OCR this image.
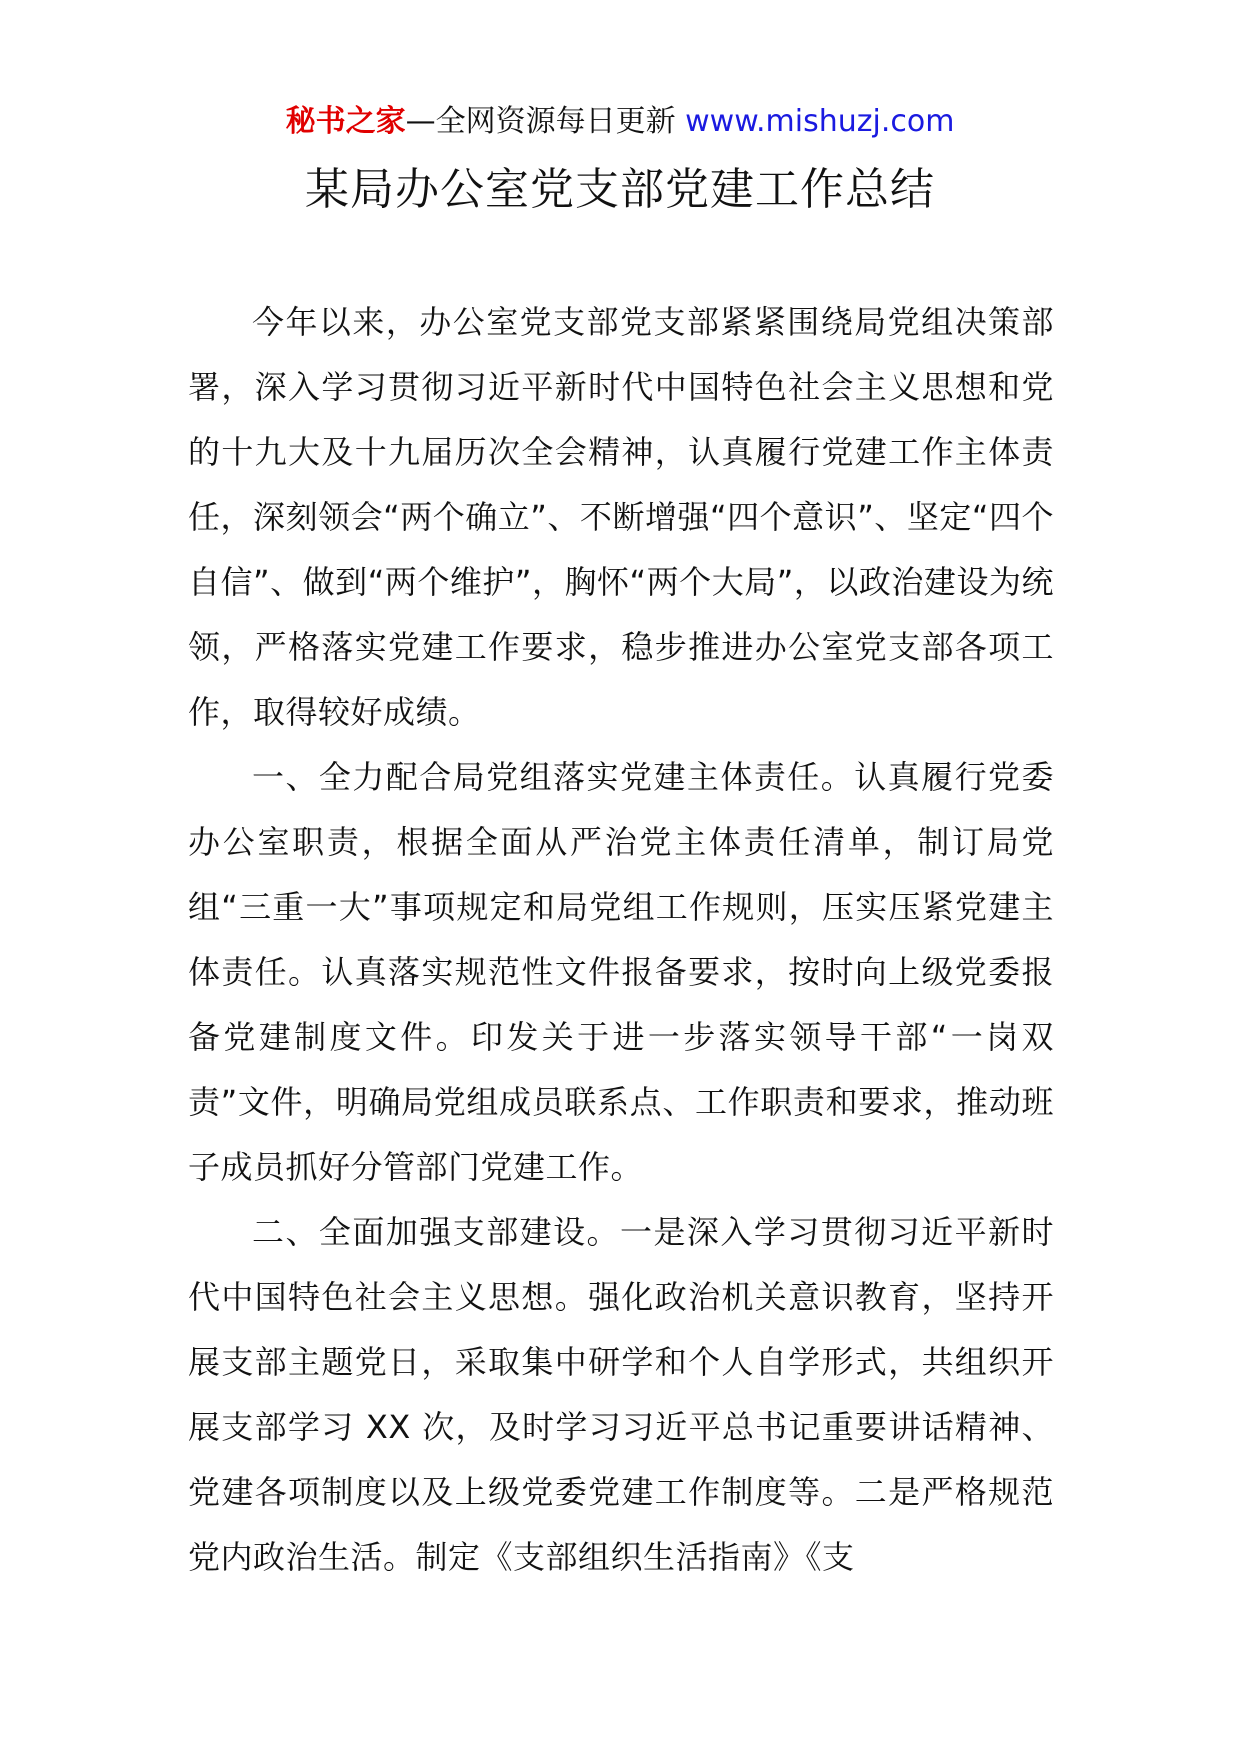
秘书之家—全网资源每日更新 www.mishuzj.com
某局办公室党支部党建工作总结

今年以来，办公室党支部党支部紧紧围绕局党组决策部署，深入学习贯彻习近平新时代中国特色社会主义思想和党的十九大及十九届历次全会精神，认真履行党建工作主体责任，深刻领会“两个确立”、不断增强“四个意识”、坚定“四个自信”、做到“两个维护”，胸怀“两个大局”，以政治建设为统领，严格落实党建工作要求，稳步推进办公室党支部各项工作，取得较好成绩。

一、全力配合局党组落实党建主体责任。认真履行党委办公室职责，根据全面从严治党主体责任清单，制订局党组“三重一大”事项规定和局党组工作规则，压实压紧党建主体责任。认真落实规范性文件报备要求，按时向上级党委报备党建制度文件。印发关于进一步落实领导干部“一岗双责”文件，明确局党组成员联系点、工作职责和要求，推动班子成员抓好分管部门党建工作。

二、全面加强支部建设。一是深入学习贯彻习近平新时代中国特色社会主义思想。强化政治机关意识教育，坚持开展支部主题党日，采取集中研学和个人自学形式，共组织开展支部学习 XX 次，及时学习习近平总书记重要讲话精神、党建各项制度以及上级党委党建工作制度等。二是严格规范党内政治生活。制定《支部组织生活指南》《支
